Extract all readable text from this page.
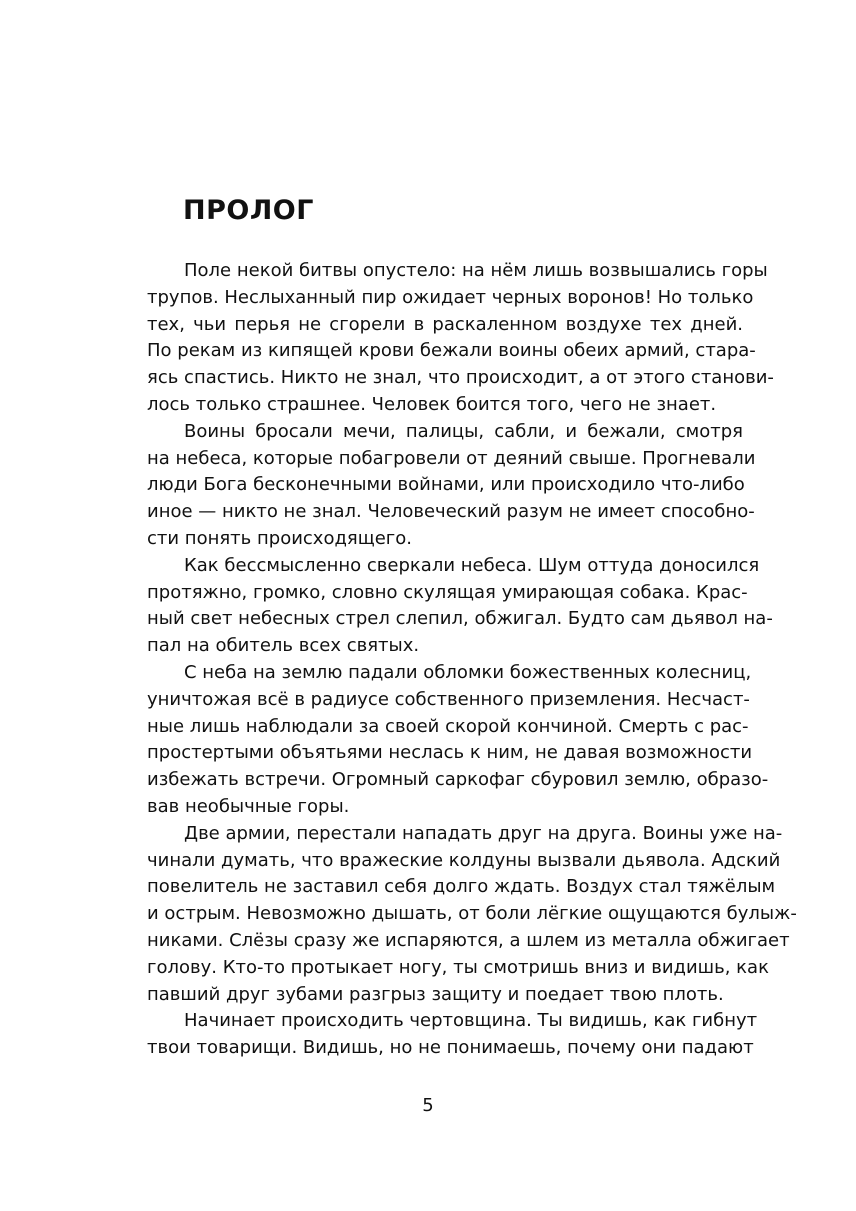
ПРОЛОГ
Поле некой битвы опустело: на нём лишь возвышались горы
трупов. Неслыханный пир ожидает черных воронов! Но только
тех, чьи перья не сгорели в раскаленном воздухе тех дней.
По рекам из кипящей крови бежали воины обеих армий, стара-
ясь спастись. Никто не знал, что происходит, а от этого станови-
лось только страшнее. Человек боится того, чего не знает.
Воины бросали мечи, палицы, сабли, и бежали, смотря
на небеса, которые побагровели от деяний свыше. Прогневали
люди Бога бесконечными войнами, или происходило что-либо
иное — никто не знал. Человеческий разум не имеет способно-
сти понять происходящего.
Как бессмысленно сверкали небеса. Шум оттуда доносился
протяжно, громко, словно скулящая умирающая собака. Крас-
ный свет небесных стрел слепил, обжигал. Будто сам дьявол на-
пал на обитель всех святых.
С неба на землю падали обломки божественных колесниц,
уничтожая всё в радиусе собственного приземления. Несчаст-
ные лишь наблюдали за своей скорой кончиной. Смерть с рас-
простертыми объятьями неслась к ним, не давая возможности
избежать встречи. Огромный саркофаг сбуровил землю, образо-
вав необычные горы.
Две армии, перестали нападать друг на друга. Воины уже на-
чинали думать, что вражеские колдуны вызвали дьявола. Адский
повелитель не заставил себя долго ждать. Воздух стал тяжёлым
и острым. Невозможно дышать, от боли лёгкие ощущаются булыж-
никами. Слёзы сразу же испаряются, а шлем из металла обжигает
голову. Кто-то протыкает ногу, ты смотришь вниз и видишь, как
павший друг зубами разгрыз защиту и поедает твою плоть.
Начинает происходить чертовщина. Ты видишь, как гибнут
твои товарищи. Видишь, но не понимаешь, почему они падают
5
